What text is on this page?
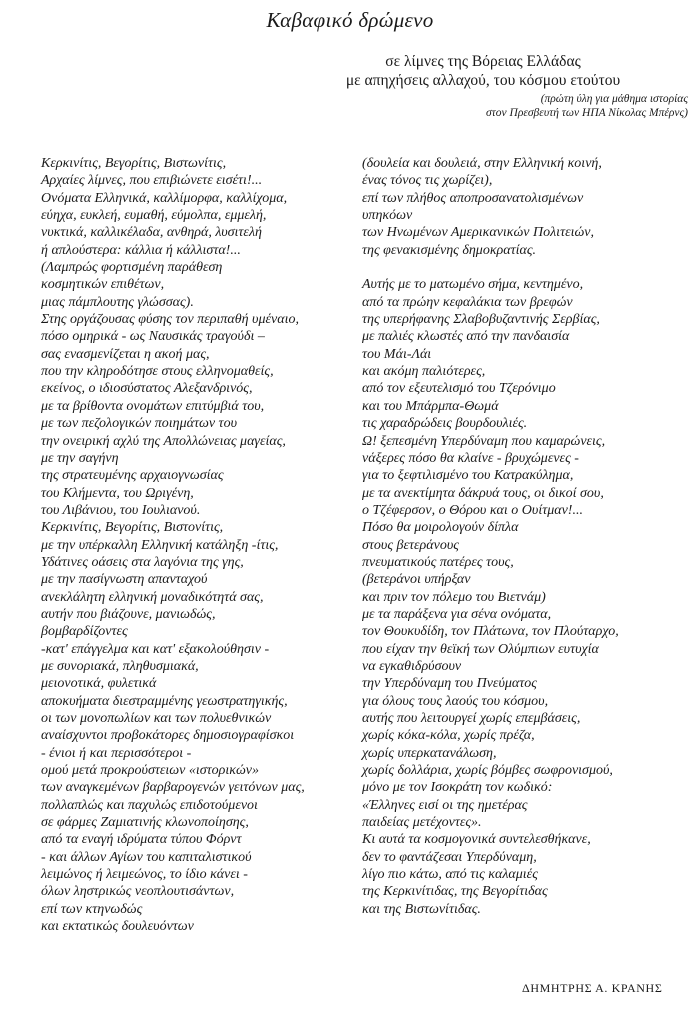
Καβαφικό δρώμενο
σε λίμνες της Βόρειας Ελλάδας
με απηχήσεις αλλαχού, του κόσμου ετούτου
(πρώτη ύλη για μάθημα ιστορίας
στον Πρεσβευτή των ΗΠΑ Νίκολας Μπέρνς)
Κερκινίτις, Βεγορίτις, Βιστωνίτις,
Αρχαίες λίμνες, που επιβιώνετε εισέτι!...
Ονόματα Ελληνικά, καλλίμορφα, καλλίχομα,
εύηχα, ευκλεή, ευμαθή, εύμολπα, εμμελή,
νυκτικά, καλλικέλαδα, ανθηρά, λυσιτελή
ή απλούστερα: κάλλια ή κάλλιστα!...
(Λαμπρώς φορτισμένη παράθεση
κοσμητικών επιθέτων,
μιας πάμπλουτης γλώσσας).
Στης οργάζουσας φύσης τον περιπαθή υμέναιο,
πόσο ομηρικά - ως Ναυσικάς τραγούδι –
σας ενασμενίζεται η ακοή μας,
που την κληροδότησε στους ελληνομαθείς,
εκείνος, ο ιδιοσύστατος Αλεξανδρινός,
με τα βρίθοντα ονομάτων επιτύμβιά του,
με των πεζολογικών ποιημάτων του
την ονειρική αχλύ της Απολλώνειας μαγείας,
με την σαγήνη
της στρατευμένης αρχαιογνωσίας
του Κλήμεντα, του Ωριγένη,
του Λιβάνιου, του Ιουλιανού.
Κερκινίτις, Βεγορίτις, Βιστονίτις,
με την υπέρκαλλη Ελληνική κατάληξη -ίτις,
Υδάτινες οάσεις στα λαγόνια της γης,
με την πασίγνωστη απανταχού
ανεκλάλητη ελληνική μοναδικότητά σας,
αυτήν που βιάζουνε, μανιωδώς,
βομβαρδίζοντες
-κατ' επάγγελμα και κατ' εξακολούθησιν -
με συνοριακά, πληθυσμιακά,
μειονοτικά, φυλετικά
αποκυήματα διεστραμμένης γεωστρατηγικής,
οι των μονοπωλίων και των πολυεθνικών
αναίσχυντοι προβοκάτορες δημοσιογραφίσκοι
- ένιοι ή και περισσότεροι -
ομού μετά προκρούστειων «ιστορικών»
των αναγκεμένων βαρβαρογενών γειτόνων μας,
πολλαπλώς και παχυλώς επιδοτούμενοι
σε φάρμες Ζαμιατινής κλωνοποίησης,
από τα εναγή ιδρύματα τύπου Φόρντ
- και άλλων Αγίων του καπιταλιστικού
λειμώνος ή λειμεώνος, το ίδιο κάνει -
όλων ληστρικώς νεοπλουτισάντων,
επί των κτηνωδώς
και εκτατικώς δουλευόντων
(δουλεία και δουλειά, στην Ελληνική κοινή,
ένας τόνος τις χωρίζει),
επί των πλήθος αποπροσανατολισμένων
υπηκόων
των Ηνωμένων Αμερικανικών Πολιτειών,
της φενακισμένης δημοκρατίας.
Αυτής με το ματωμένο σήμα, κεντημένο,
από τα πρώην κεφαλάκια των βρεφών
της υπερήφανης Σλαβοβυζαντινής Σερβίας,
με παλιές κλωστές από την πανδαισία
του Μάι-Λάι
και ακόμη παλιότερες,
από τον εξευτελισμό του Τζερόνιμο
και του Μπάρμπα-Θωμά
τις χαραδρώδεις βουρδουλιές.
Ω! ξεπεσμένη Υπερδύναμη που καμαρώνεις,
νάξερες πόσο θα κλαίνε - βρυχώμενες -
για το ξεφτιλισμένο του Κατρακύλημα,
με τα ανεκτίμητα δάκρυά τους, οι δικοί σου,
ο Τζέφερσον, ο Θόρου και ο Ουίτμαν!...
Πόσο θα μοιρολογούν δίπλα
στους βετεράνους
πνευματικούς πατέρες τους,
(βετεράνοι υπήρξαν
και πριν τον πόλεμο του Βιετνάμ)
με τα παράξενα για σένα ονόματα,
τον Θουκυδίδη, τον Πλάτωνα, τον Πλούταρχο,
που είχαν την θεϊκή των Ολύμπιων ευτυχία
να εγκαθιδρύσουν
την Υπερδύναμη του Πνεύματος
για όλους τους λαούς του κόσμου,
αυτής που λειτουργεί χωρίς επεμβάσεις,
χωρίς κόκα-κόλα, χωρίς πρέζα,
χωρίς υπερκατανάλωση,
χωρίς δολλάρια, χωρίς βόμβες σωφρονισμού,
μόνο με τον Ισοκράτη τον κωδικό:
«Έλληνες εισί οι της ημετέρας
παιδείας μετέχοντες».
Κι αυτά τα κοσμογονικά συντελεσθήκανε,
δεν το φαντάζεσαι Υπερδύναμη,
λίγο πιο κάτω, από τις καλαμιές
της Κερκινίτιδας, της Βεγορίτιδας
και της Βιστωνίτιδας.
ΔΗΜΗΤΡΗΣ Α. ΚΡΑΝΗΣ
